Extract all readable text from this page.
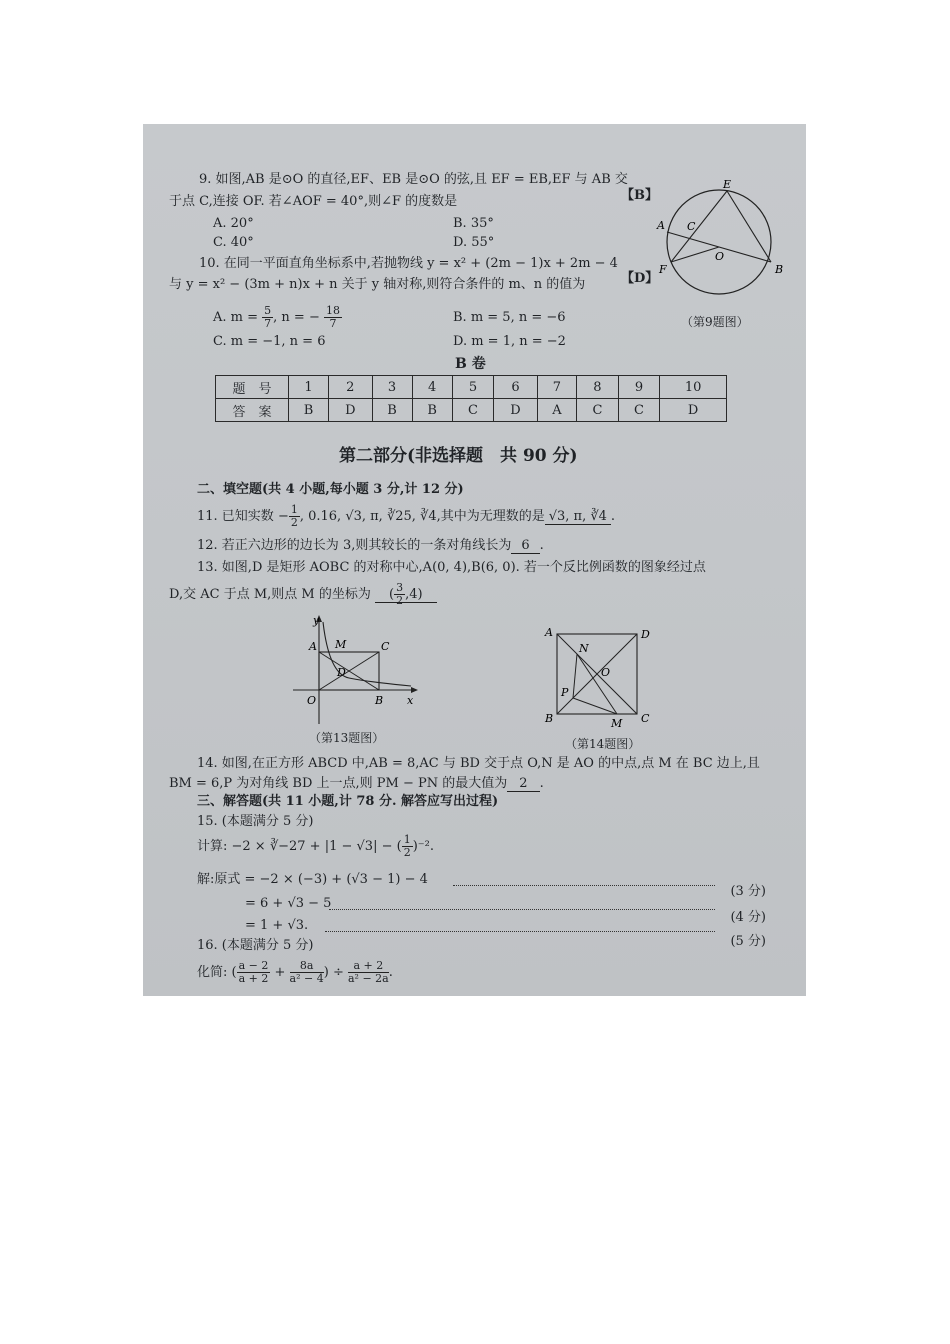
9. 如图,AB 是⊙O 的直径,EF、EB 是⊙O 的弦,且 EF = EB,EF 与 AB 交
于点 C,连接 OF. 若∠AOF = 40°,则∠F 的度数是	【B】
A. 20°	B. 35°
C. 40°	D. 55°
E
A C
O
F	B
（第9题图）
10. 在同一平面直角坐标系中,若抛物线 y = x² + (2m − 1)x + 2m − 4
与 y = x² − (3m + n)x + n 关于 y 轴对称,则符合条件的 m、n 的值为	【D】
A. $m = \frac{5}{7}$ , n = − $\frac{18}{7}$	B. m = 5, n = −6
C. m = −1, n = 6	D. m = 1, n = −2
B 卷
题　号	1	2	3	4	5	6	7	8	9	10
答　案	B	D	B	B	C	D	A	C	C	D
第二部分(非选择题　共 90 分)
二、填空题(共 4 小题,每小题 3 分,计 12 分)
11. 已知实数 − $\frac{1}{2}$ , 0.16, √3, π, ∛25, ∛4,其中为无理数的是 √3, π, ∛4 .
12. 若正六边形的边长为 3,则其较长的一条对角线长为 6 .
13. 如图,D 是矩形 AOBC 的对称中心,A(0, 4),B(6, 0). 若一个反比例函数的图象经过点
D,交 AC 于点 M,则点 M 的坐标为 ( $\frac{3}{2} ,4$)
y
A M	C
D
O	B x
（第13题图）
A	D
N
O
P
B	M C
（第14题图）
14. 如图,在正方形 ABCD 中,AB = 8,AC 与 BD 交于点 O,N 是 AO 的中点,点 M 在 BC 边上,且
BM = 6,P 为对角线 BD 上一点,则 PM − PN 的最大值为 2 .
三、解答题(共 11 小题,计 78 分. 解答应写出过程)
15. (本题满分 5 分)
计算: −2 × ∛−27 + |1 − √3| − ( $\frac{1}{2} )^{-2}$.
解:原式 = −2 × (−3) + (√3 − 1) − 4
(3 分)
= 6 + √3 − 5
(4 分)
= 1 + √3.
(5 分)
16. (本题满分 5 分)
化简: ( $\frac{a - 2}{a + 2} + \frac{8a}{\text{a² − 4}}$ ) ÷ $\frac{a + 2}{\text{a² − 2a}}$ .
